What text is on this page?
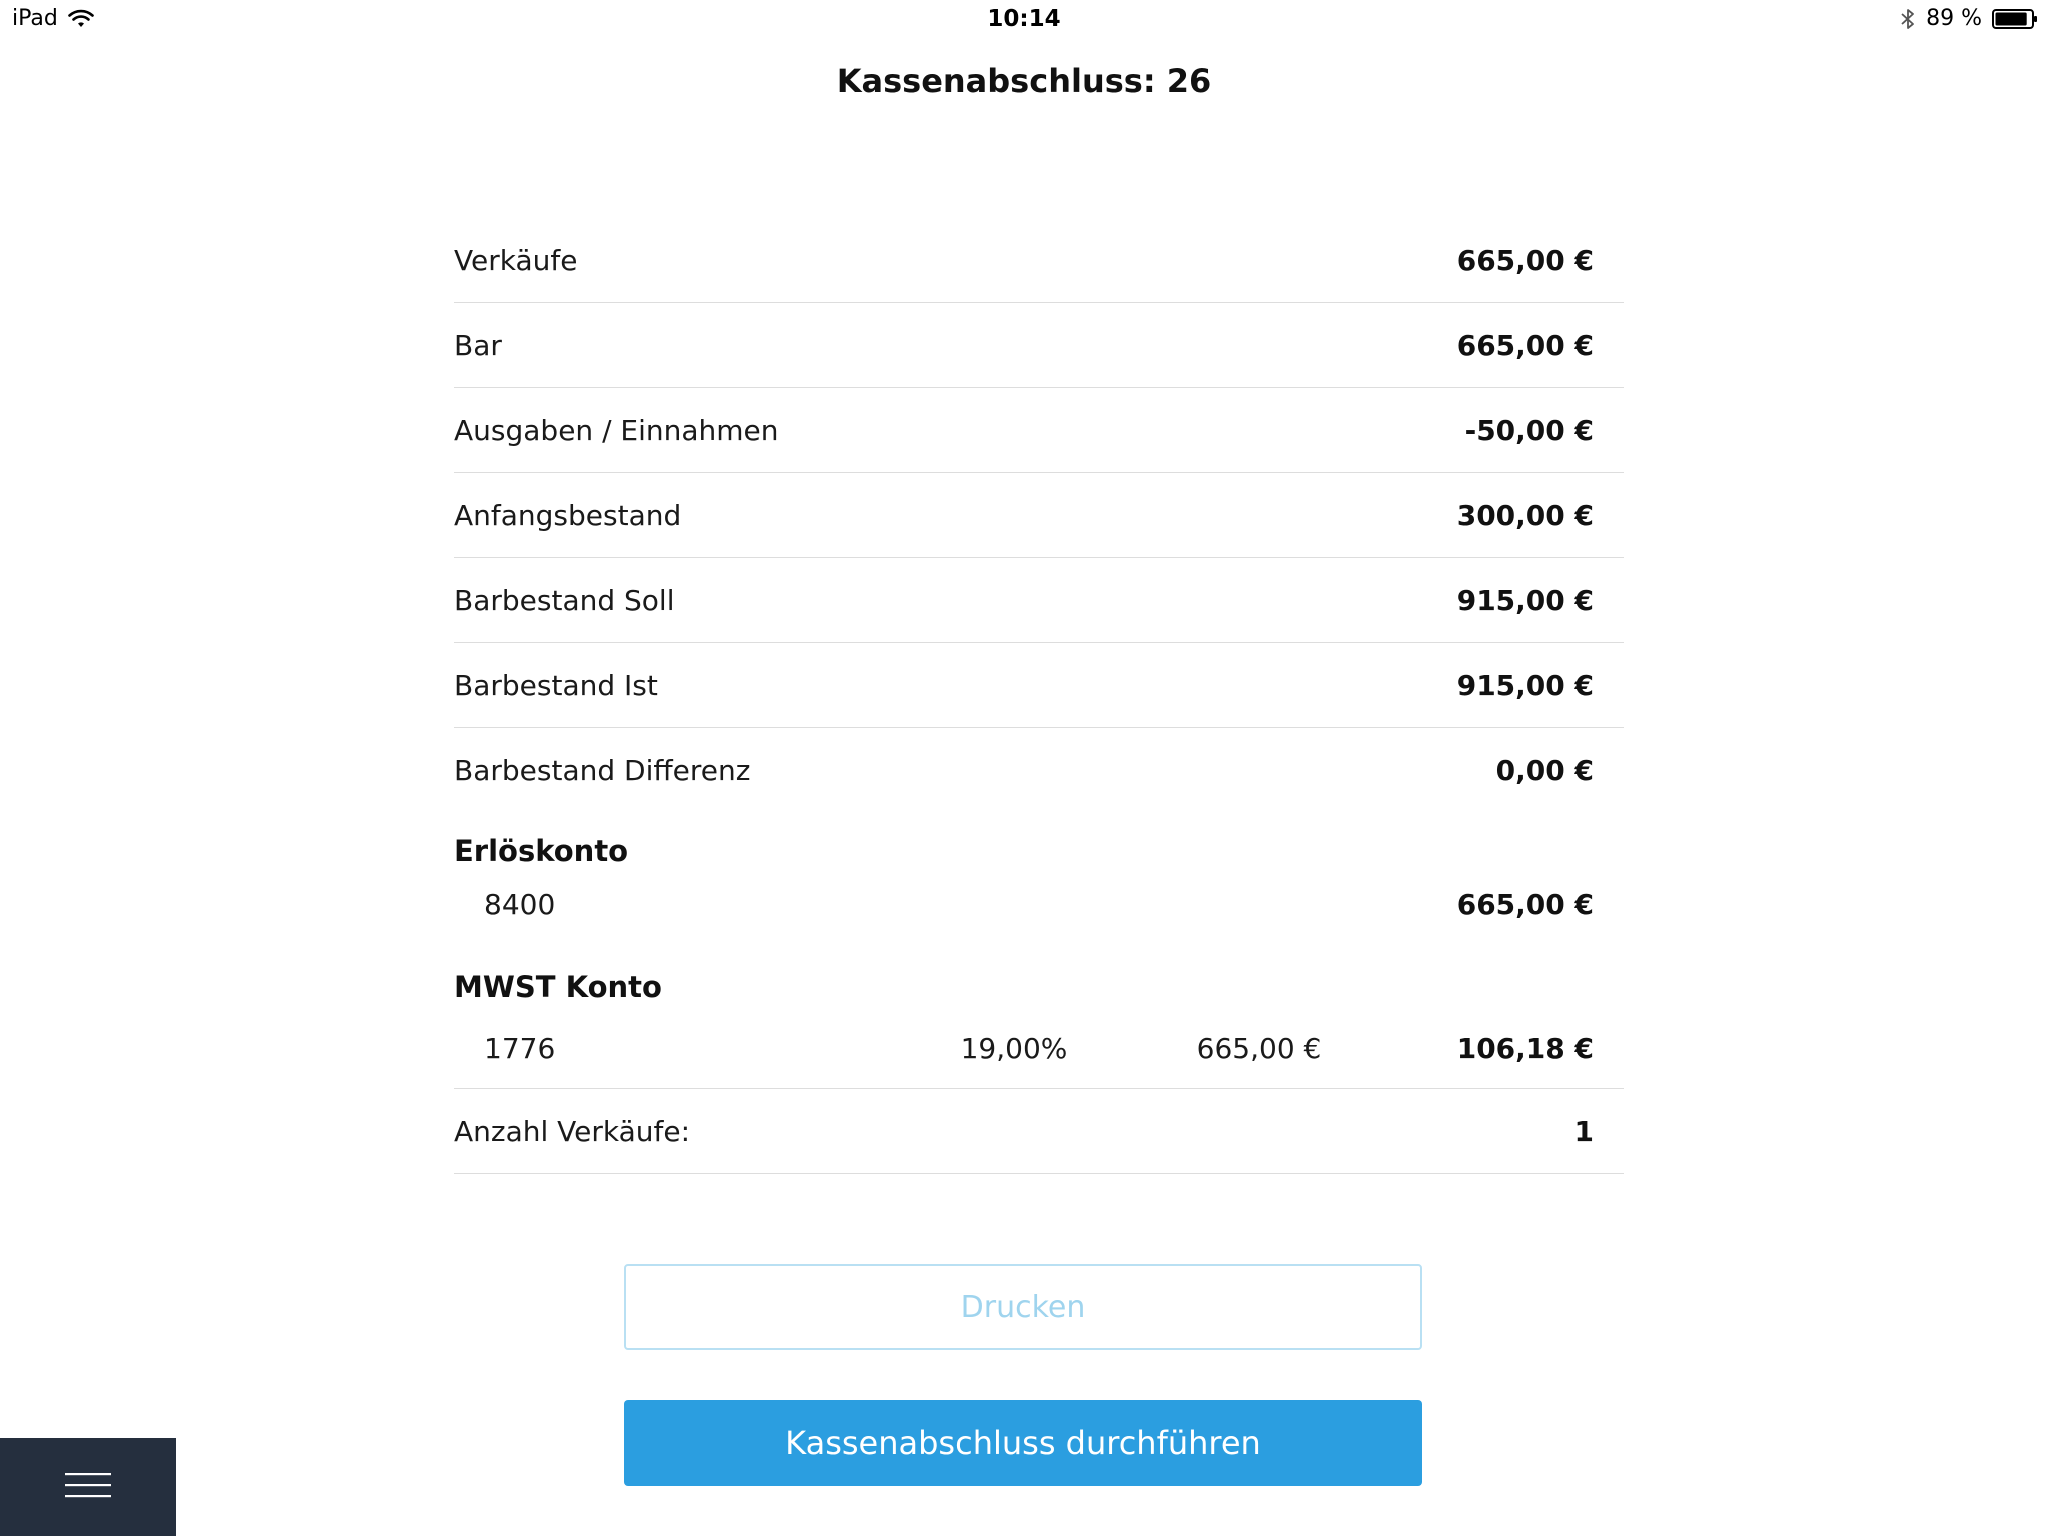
iPad	10:14	89 %
Kassenabschluss: 26
Verkäufe	665,00 €
Bar	665,00 €
Ausgaben / Einnahmen	-50,00 €
Anfangsbestand	300,00 €
Barbestand Soll	915,00 €
Barbestand Ist	915,00 €
Barbestand Differenz	0,00 €
Erlöskonto
8400	665,00 €
MWST Konto
1776	19,00%	665,00 €	106,18 €
Anzahl Verkäufe:	1
Drucken
Kassenabschluss durchführen
